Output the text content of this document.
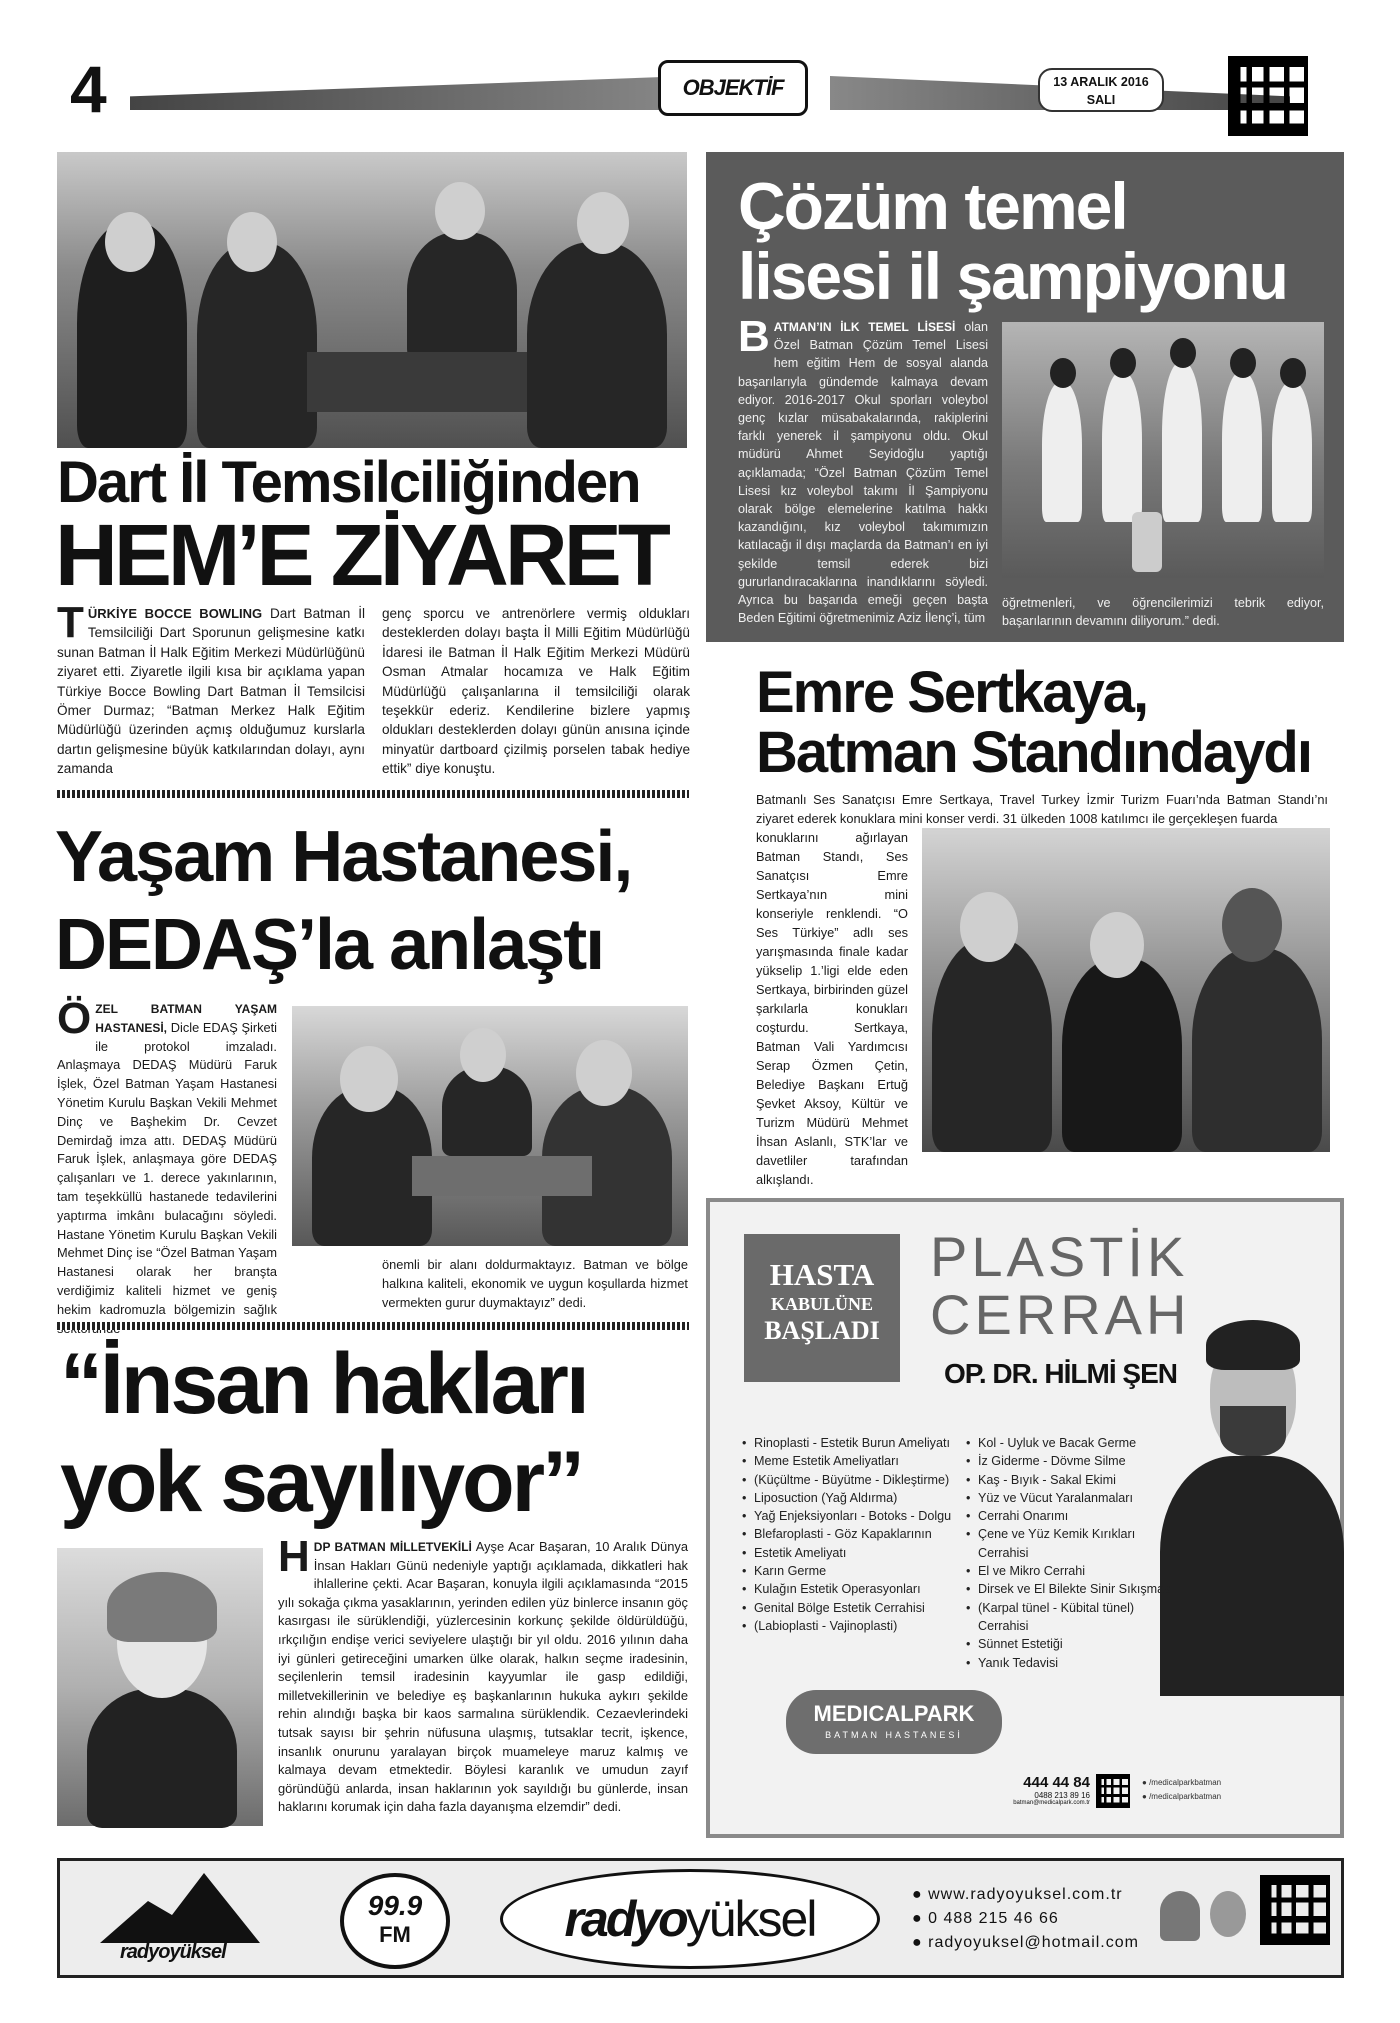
4	OBJEKTİF	13 ARALIK 2016
SALI
Dart İl Temsilciliğinden
HEM’E ZİYARET
TÜRKİYE BOCCE BOWLING Dart Batman İl Temsilciliği Dart Sporunun gelişmesine katkı sunan Batman İl Halk Eğitim Merkezi Müdürlüğünü ziyaret etti. Ziyaretle ilgili kısa bir açıklama yapan Türkiye Bocce Bowling Dart Batman İl Temsilcisi Ömer Durmaz; “Batman Merkez Halk Eğitim Müdürlüğü üzerinden açmış olduğumuz kurslarla dartın gelişmesine büyük katkılarından dolayı, aynı zamanda
genç sporcu ve antrenörlere vermiş oldukları desteklerden dolayı başta İl Milli Eğitim Müdürlüğü İdaresi ile Batman İl Halk Eğitim Merkezi Müdürü Osman Atmalar hocamıza ve Halk Eğitim Müdürlüğü çalışanlarına il temsilciliği olarak teşekkür ederiz. Kendilerine bizlere yapmış oldukları desteklerden dolayı günün anısına içinde minyatür dartboard çizilmiş porselen tabak hediye ettik” diye konuştu.
Çözüm temel
lisesi il şampiyonu
BATMAN’IN İLK TEMEL LİSESİ olan Özel Batman Çözüm Temel Lisesi hem eğitim Hem de sosyal alanda başarılarıyla gündemde kalmaya devam ediyor. 2016-2017 Okul sporları voleybol genç kızlar müsabakalarında, rakiplerini farklı yenerek il şampiyonu oldu. Okul müdürü Ahmet Seyidoğlu yaptığı açıklamada; “Özel Batman Çözüm Temel Lisesi kız voleybol takımı İl Şampiyonu olarak bölge elemelerine katılma hakkı kazandığını, kız voleybol takımımızın katılacağı il dışı maçlarda da Batman’ı en iyi şekilde temsil ederek bizi gururlandıracaklarına inandıklarını söyledi. Ayrıca bu başarıda emeği geçen başta Beden Eğitimi öğretmenimiz Aziz İlenç’i, tüm
öğretmenleri, ve öğrencilerimizi tebrik ediyor, başarılarının devamını diliyorum.” dedi.
Emre Sertkaya,
Batman Standındaydı
Batmanlı Ses Sanatçısı Emre Sertkaya, Travel Turkey İzmir Turizm Fuarı’nda Batman Standı’nı ziyaret ederek konuklara mini konser verdi. 31 ülkeden 1008 katılımcı ile gerçekleşen fuarda
konuklarını ağırlayan Batman Standı, Ses Sanatçısı Emre Sertkaya’nın mini konseriyle renklendi. “O Ses Türkiye” adlı ses yarışmasında finale kadar yükselip 1.’ligi elde eden Sertkaya, birbirinden güzel şarkılarla konukları coşturdu. Sertkaya, Batman Vali Yardımcısı Serap Özmen Çetin, Belediye Başkanı Ertuğ Şevket Aksoy, Kültür ve Turizm Müdürü Mehmet İhsan Aslanlı, STK’lar ve davetliler tarafından alkışlandı.
Yaşam Hastanesi,
DEDAŞ’la anlaştı
ÖZEL BATMAN YAŞAM HASTANESİ, Dicle EDAŞ Şirketi ile protokol imzaladı. Anlaşmaya DEDAŞ Müdürü Faruk İşlek, Özel Batman Yaşam Hastanesi Yönetim Kurulu Başkan Vekili Mehmet Dinç ve Başhekim Dr. Cevzet Demirdağ imza attı. DEDAŞ Müdürü Faruk İşlek, anlaşmaya göre DEDAŞ çalışanları ve 1. derece yakınlarının, tam teşekküllü hastanede tedavilerini yaptırma imkânı bulacağını söyledi. Hastane Yönetim Kurulu Başkan Vekili Mehmet Dinç ise “Özel Batman Yaşam Hastanesi olarak her branşta verdiğimiz kaliteli hizmet ve geniş hekim kadromuzla bölgemizin sağlık
önemli bir alanı doldurmaktayız. Batman ve bölge halkına kaliteli, ekonomik ve uygun koşullarda hizmet vermekten gurur duymaktayız” dedi.
“İnsan hakları
yok sayılıyor”
HDP BATMAN MİLLETVEKİLİ Ayşe Acar Başaran, 10 Aralık Dünya İnsan Hakları Günü nedeniyle yaptığı açıklamada, dikkatleri hak ihlallerine çekti. Acar Başaran, konuyla ilgili açıklamasında “2015 yılı sokağa çıkma yasaklarının, yerinden edilen yüz binlerce insanın göç kasırgası ile sürüklendiği, yüzlercesinin korkunç şekilde öldürüldüğü, ırkçılığın endişe verici seviyelere ulaştığı bir yıl oldu. 2016 yılının daha iyi günleri getireceğini umarken ülke olarak, halkın seçme iradesinin, seçilenlerin temsil iradesinin kayyumlar ile gasp edildiği, milletvekillerinin ve belediye eş başkanlarının hukuka aykırı şekilde rehin alındığı başka bir kaos sarmalına sürüklendik. Cezaevlerindeki tutsak sayısı bir şehrin nüfusuna ulaşmış, tutsaklar tecrit, işkence, insanlık onurunu yaralayan birçok muameleye maruz kalmış ve kalmaya devam etmektedir. Böylesi karanlık ve umudun zayıf göründüğü anlarda, insan haklarının yok sayıldığı bu günlerde, insan haklarını korumak için daha fazla dayanışma elzemdir” dedi.
HASTA
KABULÜNE
BAŞLADI
PLASTİK
CERRAH
OP. DR. HİLMİ ŞEN
• Rinoplasti - Estetik Burun Ameliyatı
• Meme Estetik Ameliyatları
• (Küçültme - Büyütme - Dikleştirme)
• Liposuction (Yağ Aldırma)
• Yağ Enjeksiyonları - Botoks - Dolgu
• Blefaroplasti - Göz Kapaklarının
• Estetik Ameliyatı
• Karın Germe
• Kulağın Estetik Operasyonları
• Genital Bölge Estetik Cerrahisi
• (Labioplasti - Vajinoplasti)
• Kol - Uyluk ve Bacak Germe
• İz Giderme - Dövme Silme
• Kaş - Bıyık - Sakal Ekimi
• Yüz ve Vücut Yaralanmaları
• Cerrahi Onarımı
• Çene ve Yüz Kemik Kırıkları Cerrahisi
• El ve Mikro Cerrahi
• Dirsek ve El Bilekte Sinir Sıkışması
• (Karpal tünel - Kübital tünel) Cerrahisi
• Sünnet Estetiği
• Yanık Tedavisi
MEDICALPARK
BATMAN HASTANESİ
444 44 84
0488 213 89 16
batman@medicalpark.com.tr
● /medicalparkbatman
● /medicalparkbatman
radyoyüksel
99.9
FM	radyo yüksel	● www.radyoyuksel.com.tr
● 0 488 215 46 66
● radyoyuksel@hotmail.com
